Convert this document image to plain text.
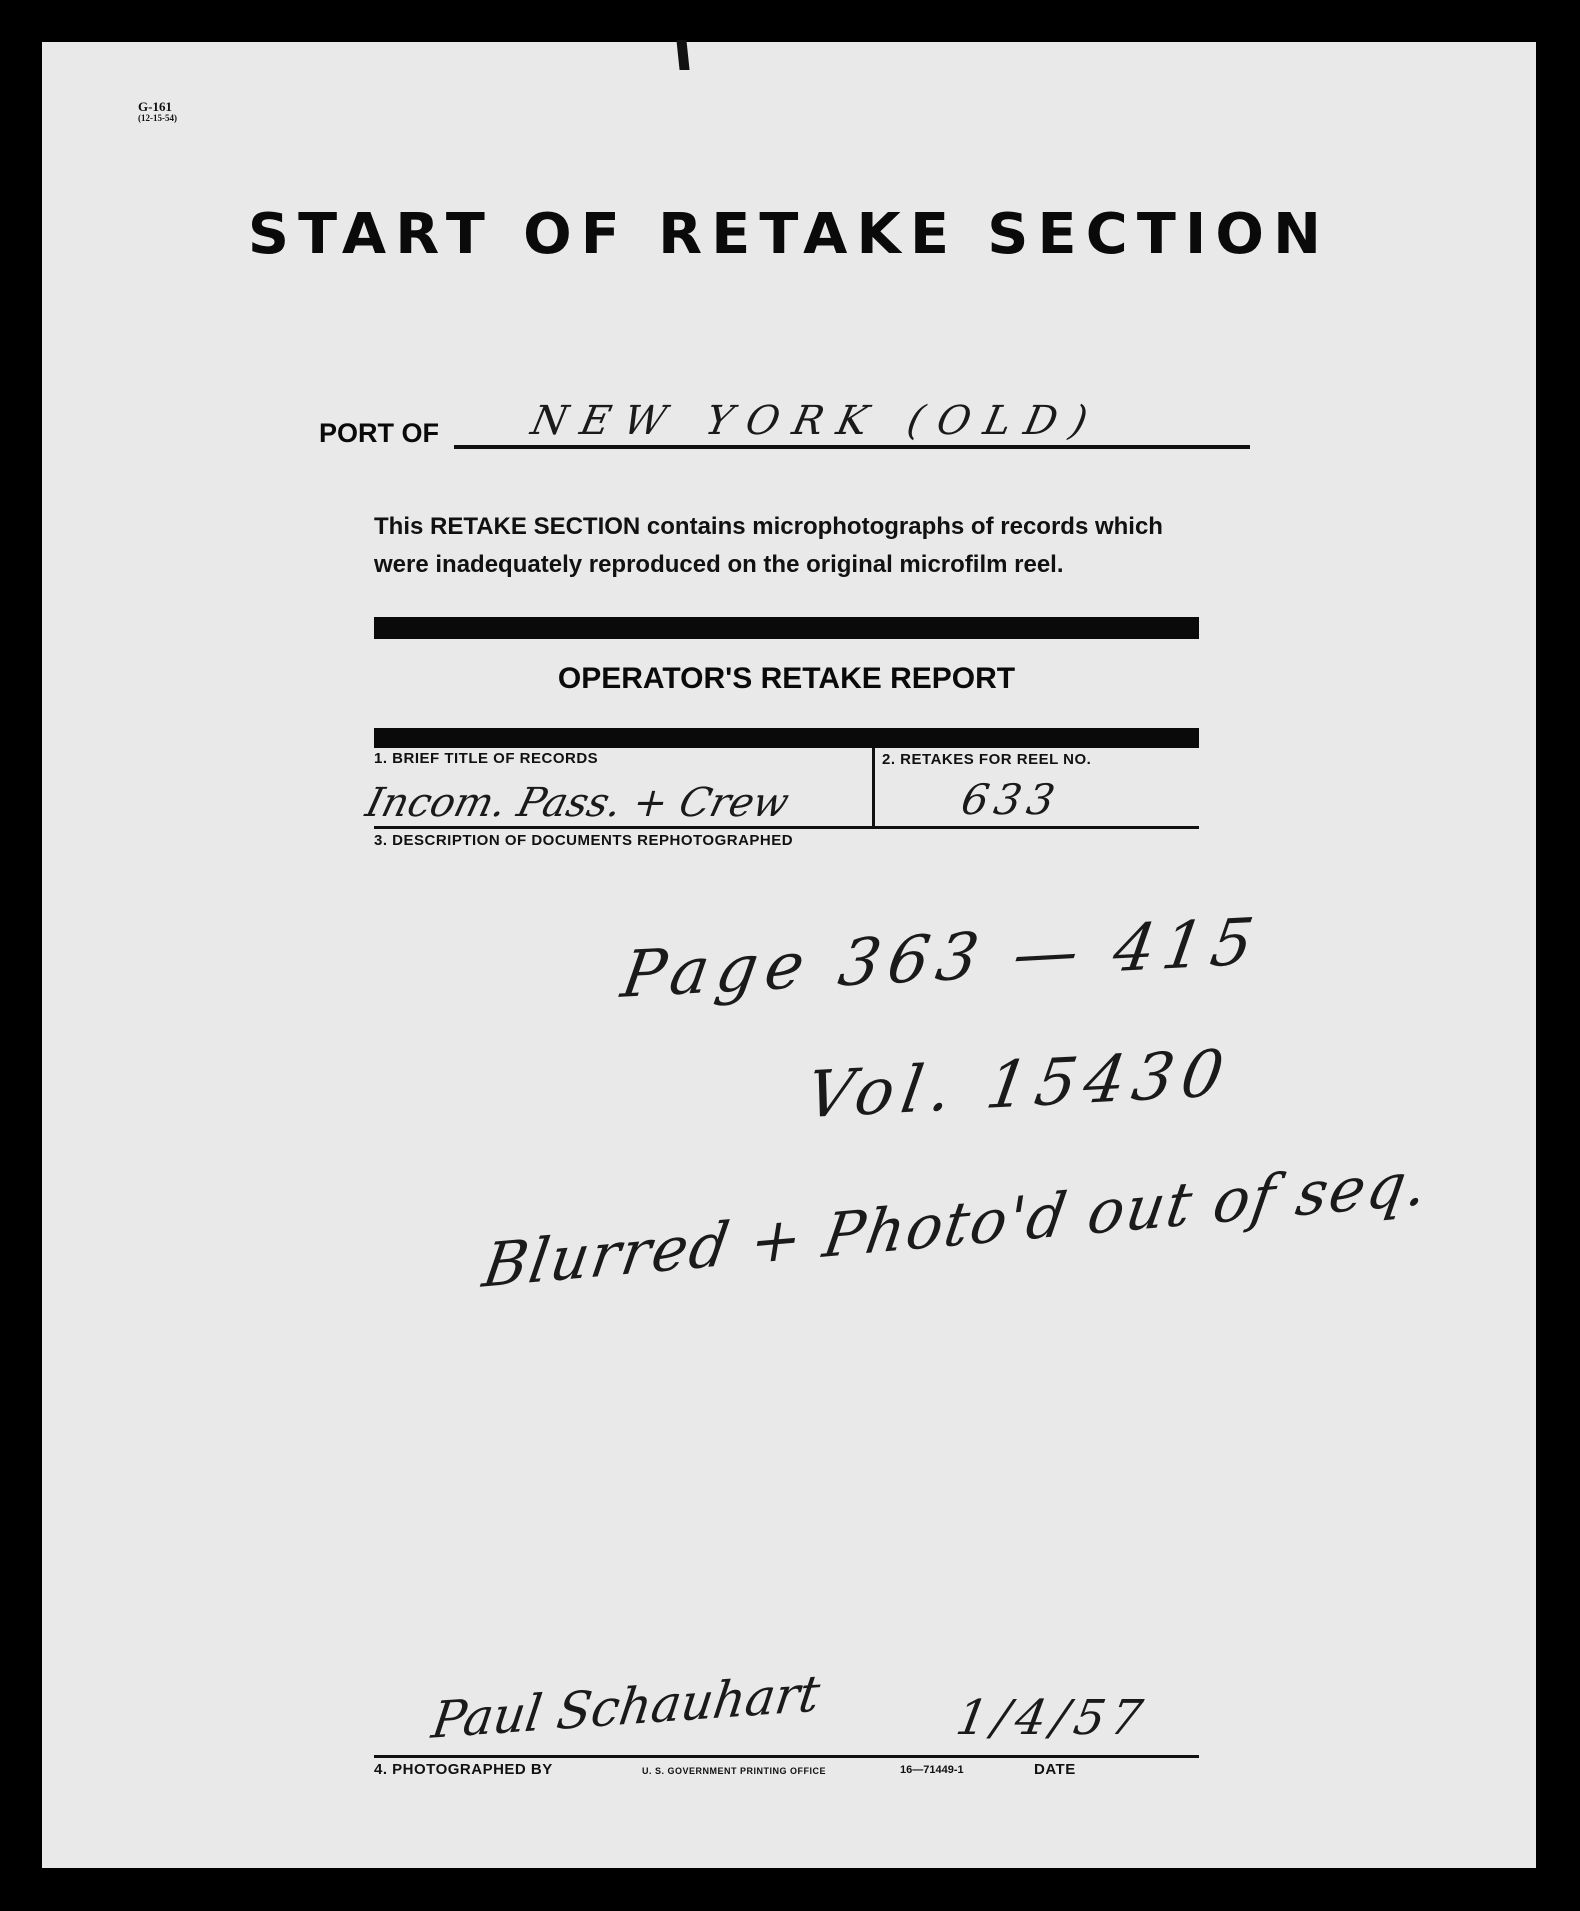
G-161
(12-15-54)
START OF RETAKE SECTION
PORT OF NEW YORK (OLD)
This RETAKE SECTION contains microphotographs of records which were inadequately reproduced on the original microfilm reel.
OPERATOR'S RETAKE REPORT
1. BRIEF TITLE OF RECORDS	2. RETAKES FOR REEL NO.
Incom. Pass. + Crew	633
3. DESCRIPTION OF DOCUMENTS REPHOTOGRAPHED
Page 363 — 415
Vol. 15430
Blurred + Photo'd out of seq.
Paul Schauhart	1/4/57
4. PHOTOGRAPHED BY	U. S. GOVERNMENT PRINTING OFFICE	16—71449-1	DATE
